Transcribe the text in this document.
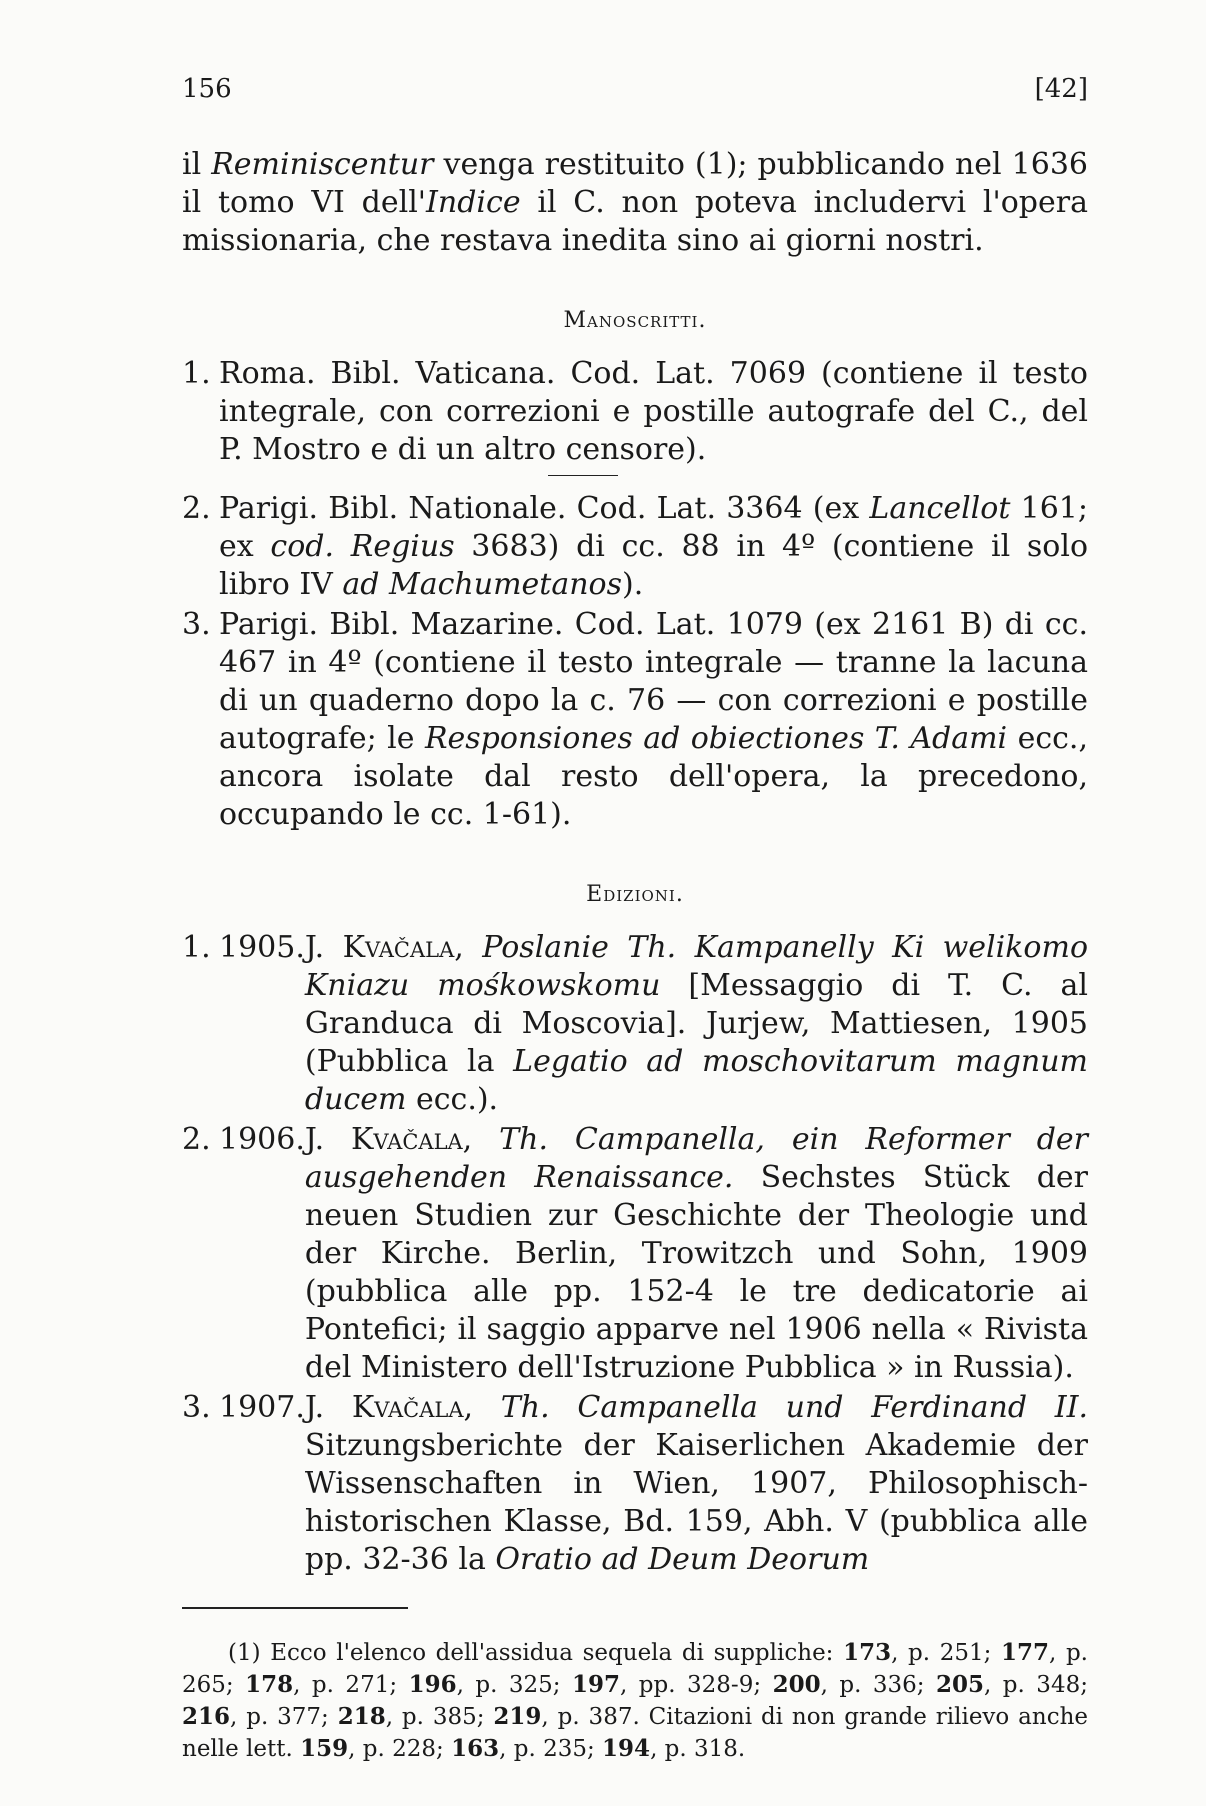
156	[42]

il Reminiscentur venga restituito (1); pubblicando nel 1636 il tomo VI dell'Indice il C. non poteva includervi l'opera missionaria, che restava inedita sino ai giorni nostri.

Manoscritti.
1. Roma. Bibl. Vaticana. Cod. Lat. 7069 (contiene il testo integrale, con correzioni e postille autografe del C., del P. Mostro e di un altro censore).
2. Parigi. Bibl. Nationale. Cod. Lat. 3364 (ex Lancellot 161; ex cod. Regius 3683) di cc. 88 in 4º (contiene il solo libro IV ad Machumetanos).
3. Parigi. Bibl. Mazarine. Cod. Lat. 1079 (ex 2161 B) di cc. 467 in 4º (contiene il testo integrale — tranne la lacuna di un quaderno dopo la c. 76 — con correzioni e postille autografe; le Responsiones ad obiectiones T. Adami ecc., ancora isolate dal resto dell'opera, la precedono, occupando le cc. 1-61).
Edizioni.
1. 1905. J. Kvačala, Poslanie Th. Kampanelly Ki welikomo Kniazu mośkowskomu [Messaggio di T. C. al Granduca di Moscovia]. Jurjew, Mattiesen, 1905 (Pubblica la Legatio ad moschovitarum magnum ducem ecc.).
2. 1906. J. Kvačala, Th. Campanella, ein Reformer der ausgehenden Renaissance. Sechstes Stück der neuen Studien zur Geschichte der Theologie und der Kirche. Berlin, Trowitzch und Sohn, 1909 (pubblica alle pp. 152-4 le tre dedicatorie ai Pontefici; il saggio apparve nel 1906 nella « Rivista del Ministero dell'Istruzione Pubblica » in Russia).
3. 1907. J. Kvačala, Th. Campanella und Ferdinand II. Sitzungsberichte der Kaiserlichen Akademie der Wissenschaften in Wien, 1907, Philosophisch-historischen Klasse, Bd. 159, Abh. V (pubblica alle pp. 32-36 la Oratio ad Deum Deorum

(1) Ecco l'elenco dell'assidua sequela di suppliche: 173, p. 251; 177, p. 265; 178, p. 271; 196, p. 325; 197, pp. 328-9; 200, p. 336; 205, p. 348; 216, p. 377; 218, p. 385; 219, p. 387. Citazioni di non grande rilievo anche nelle lett. 159, p. 228; 163, p. 235; 194, p. 318.
